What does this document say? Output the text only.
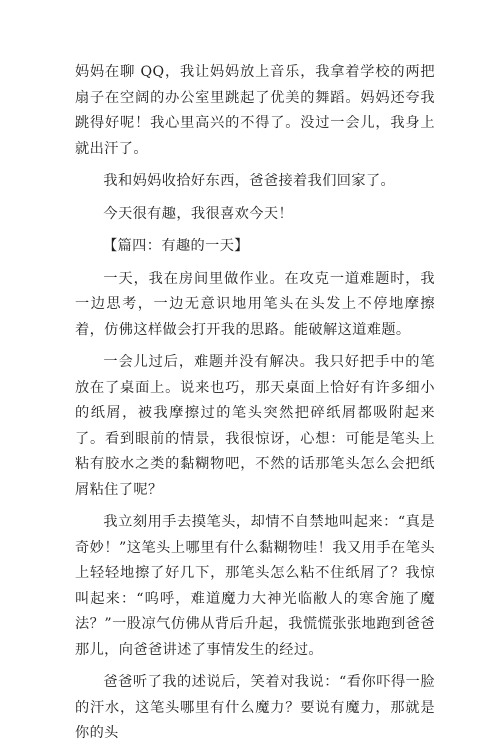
妈妈在聊 QQ，我让妈妈放上音乐，我拿着学校的两把扇子在空阔的办公室里跳起了优美的舞蹈。妈妈还夸我跳得好呢！我心里高兴的不得了。没过一会儿，我身上就出汗了。

我和妈妈收拾好东西，爸爸接着我们回家了。

今天很有趣，我很喜欢今天！

【篇四：有趣的一天】

一天，我在房间里做作业。在攻克一道难题时，我一边思考，一边无意识地用笔头在头发上不停地摩擦着，仿佛这样做会打开我的思路。能破解这道难题。

一会儿过后，难题并没有解决。我只好把手中的笔放在了桌面上。说来也巧，那天桌面上恰好有许多细小的纸屑，被我摩擦过的笔头突然把碎纸屑都吸附起来了。看到眼前的情景，我很惊讶，心想：可能是笔头上粘有胶水之类的黏糊物吧，不然的话那笔头怎么会把纸屑粘住了呢？

我立刻用手去摸笔头，却情不自禁地叫起来：“真是奇妙！”这笔头上哪里有什么黏糊物哇！我又用手在笔头上轻轻地擦了好几下，那笔头怎么粘不住纸屑了？我惊叫起来：“呜呼，难道魔力大神光临敝人的寒舍施了魔法？”一股凉气仿佛从背后升起，我慌慌张张地跑到爸爸那儿，向爸爸讲述了事情发生的经过。

爸爸听了我的述说后，笑着对我说：“看你吓得一脸的汗水，这笔头哪里有什么魔力？要说有魔力，那就是你的头
